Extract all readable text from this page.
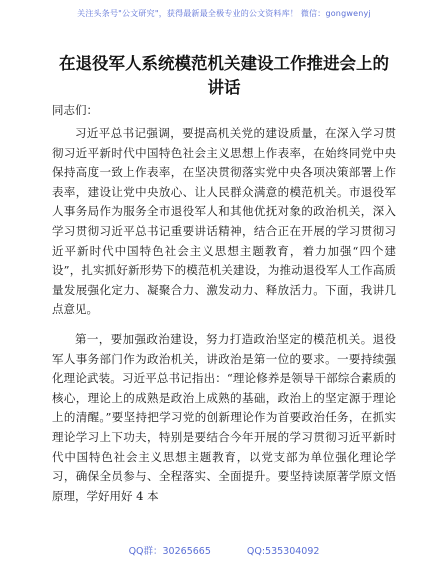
关注头条号"公文研究"，获得最新最全极专业的公文资料库！ 微信：gongwenyj
在退役军人系统模范机关建设工作推进会上的讲话
同志们：

习近平总书记强调，要提高机关党的建设质量，在深入学习贯彻习近平新时代中国特色社会主义思想上作表率，在始终同党中央保持高度一致上作表率，在坚决贯彻落实党中央各项决策部署上作表率，建设让党中央放心、让人民群众满意的模范机关。市退役军人事务局作为服务全市退役军人和其他优抚对象的政治机关，深入学习贯彻习近平总书记重要讲话精神，结合正在开展的学习贯彻习近平新时代中国特色社会主义思想主题教育，着力加强“四个建设”，扎实抓好新形势下的模范机关建设，为推动退役军人工作高质量发展强化定力、凝聚合力、激发动力、释放活力。下面，我讲几点意见。

第一，要加强政治建设，努力打造政治坚定的模范机关。退役军人事务部门作为政治机关，讲政治是第一位的要求。一要持续强化理论武装。习近平总书记指出：“理论修养是领导干部综合素质的核心，理论上的成熟是政治上成熟的基础，政治上的坚定源于理论上的清醒。”要坚持把学习党的创新理论作为首要政治任务，在抓实理论学习上下功夫，特别是要结合今年开展的学习贯彻习近平新时代中国特色社会主义思想主题教育，以党支部为单位强化理论学习，确保全员参与、全程落实、全面提升。要坚持读原著学原文悟原理，学好用好 4 本

QQ群：30265665	QQ:535304092
